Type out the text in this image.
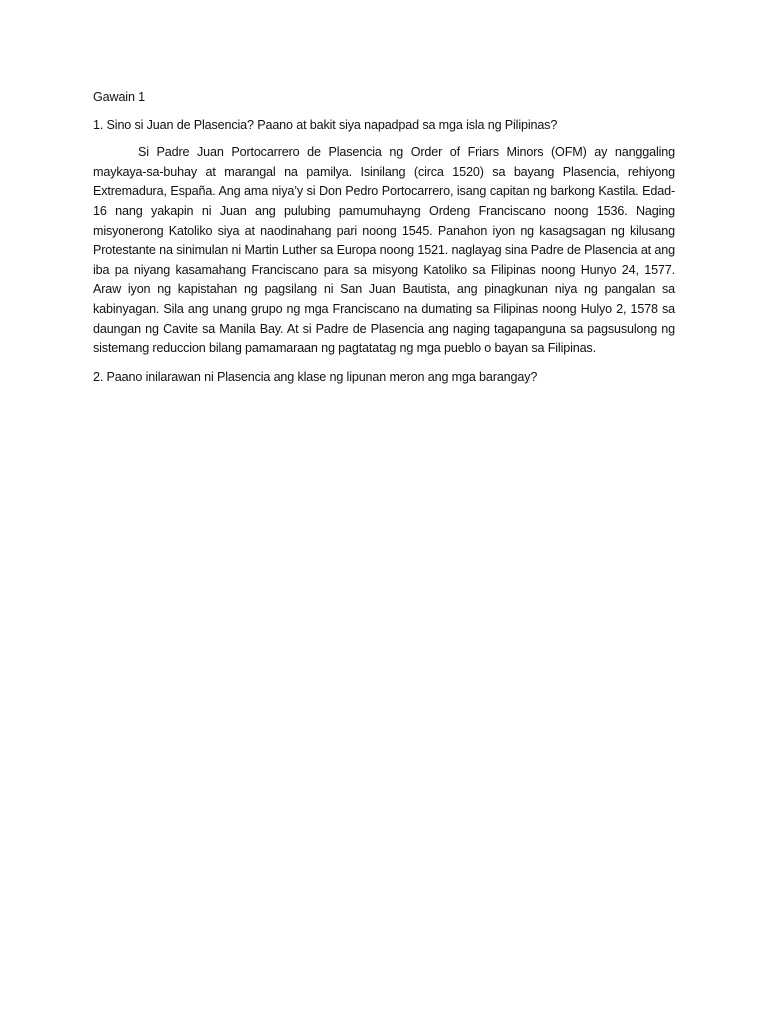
Gawain 1

1. Sino si Juan de Plasencia? Paano at bakit siya napadpad sa mga isla ng Pilipinas?

Si Padre Juan Portocarrero de Plasencia ng Order of Friars Minors (OFM) ay nanggaling maykaya-sa-buhay at marangal na pamilya. Isinilang (circa 1520) sa bayang Plasencia, rehiyong Extremadura, España. Ang ama niya’y si Don Pedro Portocarrero, isang capitan ng barkong Kastila. Edad-16 nang yakapin ni Juan ang pulubing pamumuhayng Ordeng Franciscano noong 1536. Naging misyonerong Katoliko siya at naodinahang pari noong 1545. Panahon iyon ng kasagsagan ng kilusang Protestante na sinimulan ni Martin Luther sa Europa noong 1521. naglayag sina Padre de Plasencia at ang iba pa niyang kasamahang Franciscano para sa misyong Katoliko sa Filipinas noong Hunyo 24, 1577. Araw iyon ng kapistahan ng pagsilang ni San Juan Bautista, ang pinagkunan niya ng pangalan sa kabinyagan. Sila ang unang grupo ng mga Franciscano na dumating sa Filipinas noong Hulyo 2, 1578 sa daungan ng Cavite sa Manila Bay. At si Padre de Plasencia ang naging tagapanguna sa pagsusulong ng sistemang reduccion bilang pamamaraan ng pagtatatag ng mga pueblo o bayan sa Filipinas.

2. Paano inilarawan ni Plasencia ang klase ng lipunan meron ang mga barangay?
